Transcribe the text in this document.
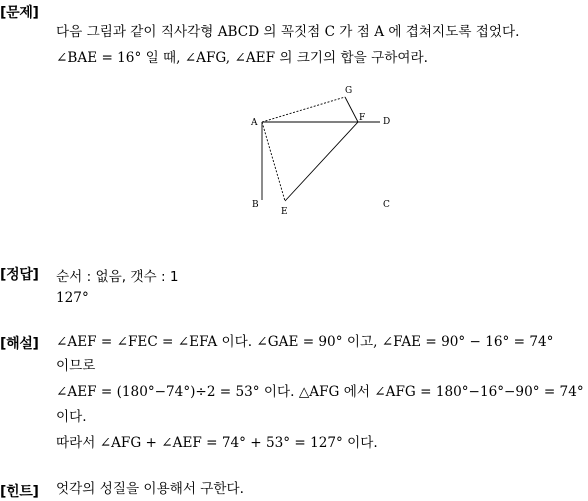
[문제]
다음 그림과 같이 직사각형 ABCD 의 꼭짓점 C 가 점 A 에 겹쳐지도록 접었다.
∠BAE = 16° 일 때, ∠AFG, ∠AEF 의 크기의 합을 구하여라.
A
B	C
D
E
F
G
[정답] 순서 : 없음, 갯수 : 1
127°
[해설] ∠AEF = ∠FEC = ∠EFA 이다. ∠GAE = 90° 이고, ∠FAE = 90° − 16° = 74°
이므로
∠AEF = (180°−74°)÷2 = 53° 이다. △AFG 에서 ∠AFG = 180°−16°−90° = 74°
이다.
따라서 ∠AFG + ∠AEF = 74° + 53° = 127° 이다.
[힌트] 엇각의 성질을 이용해서 구한다.
